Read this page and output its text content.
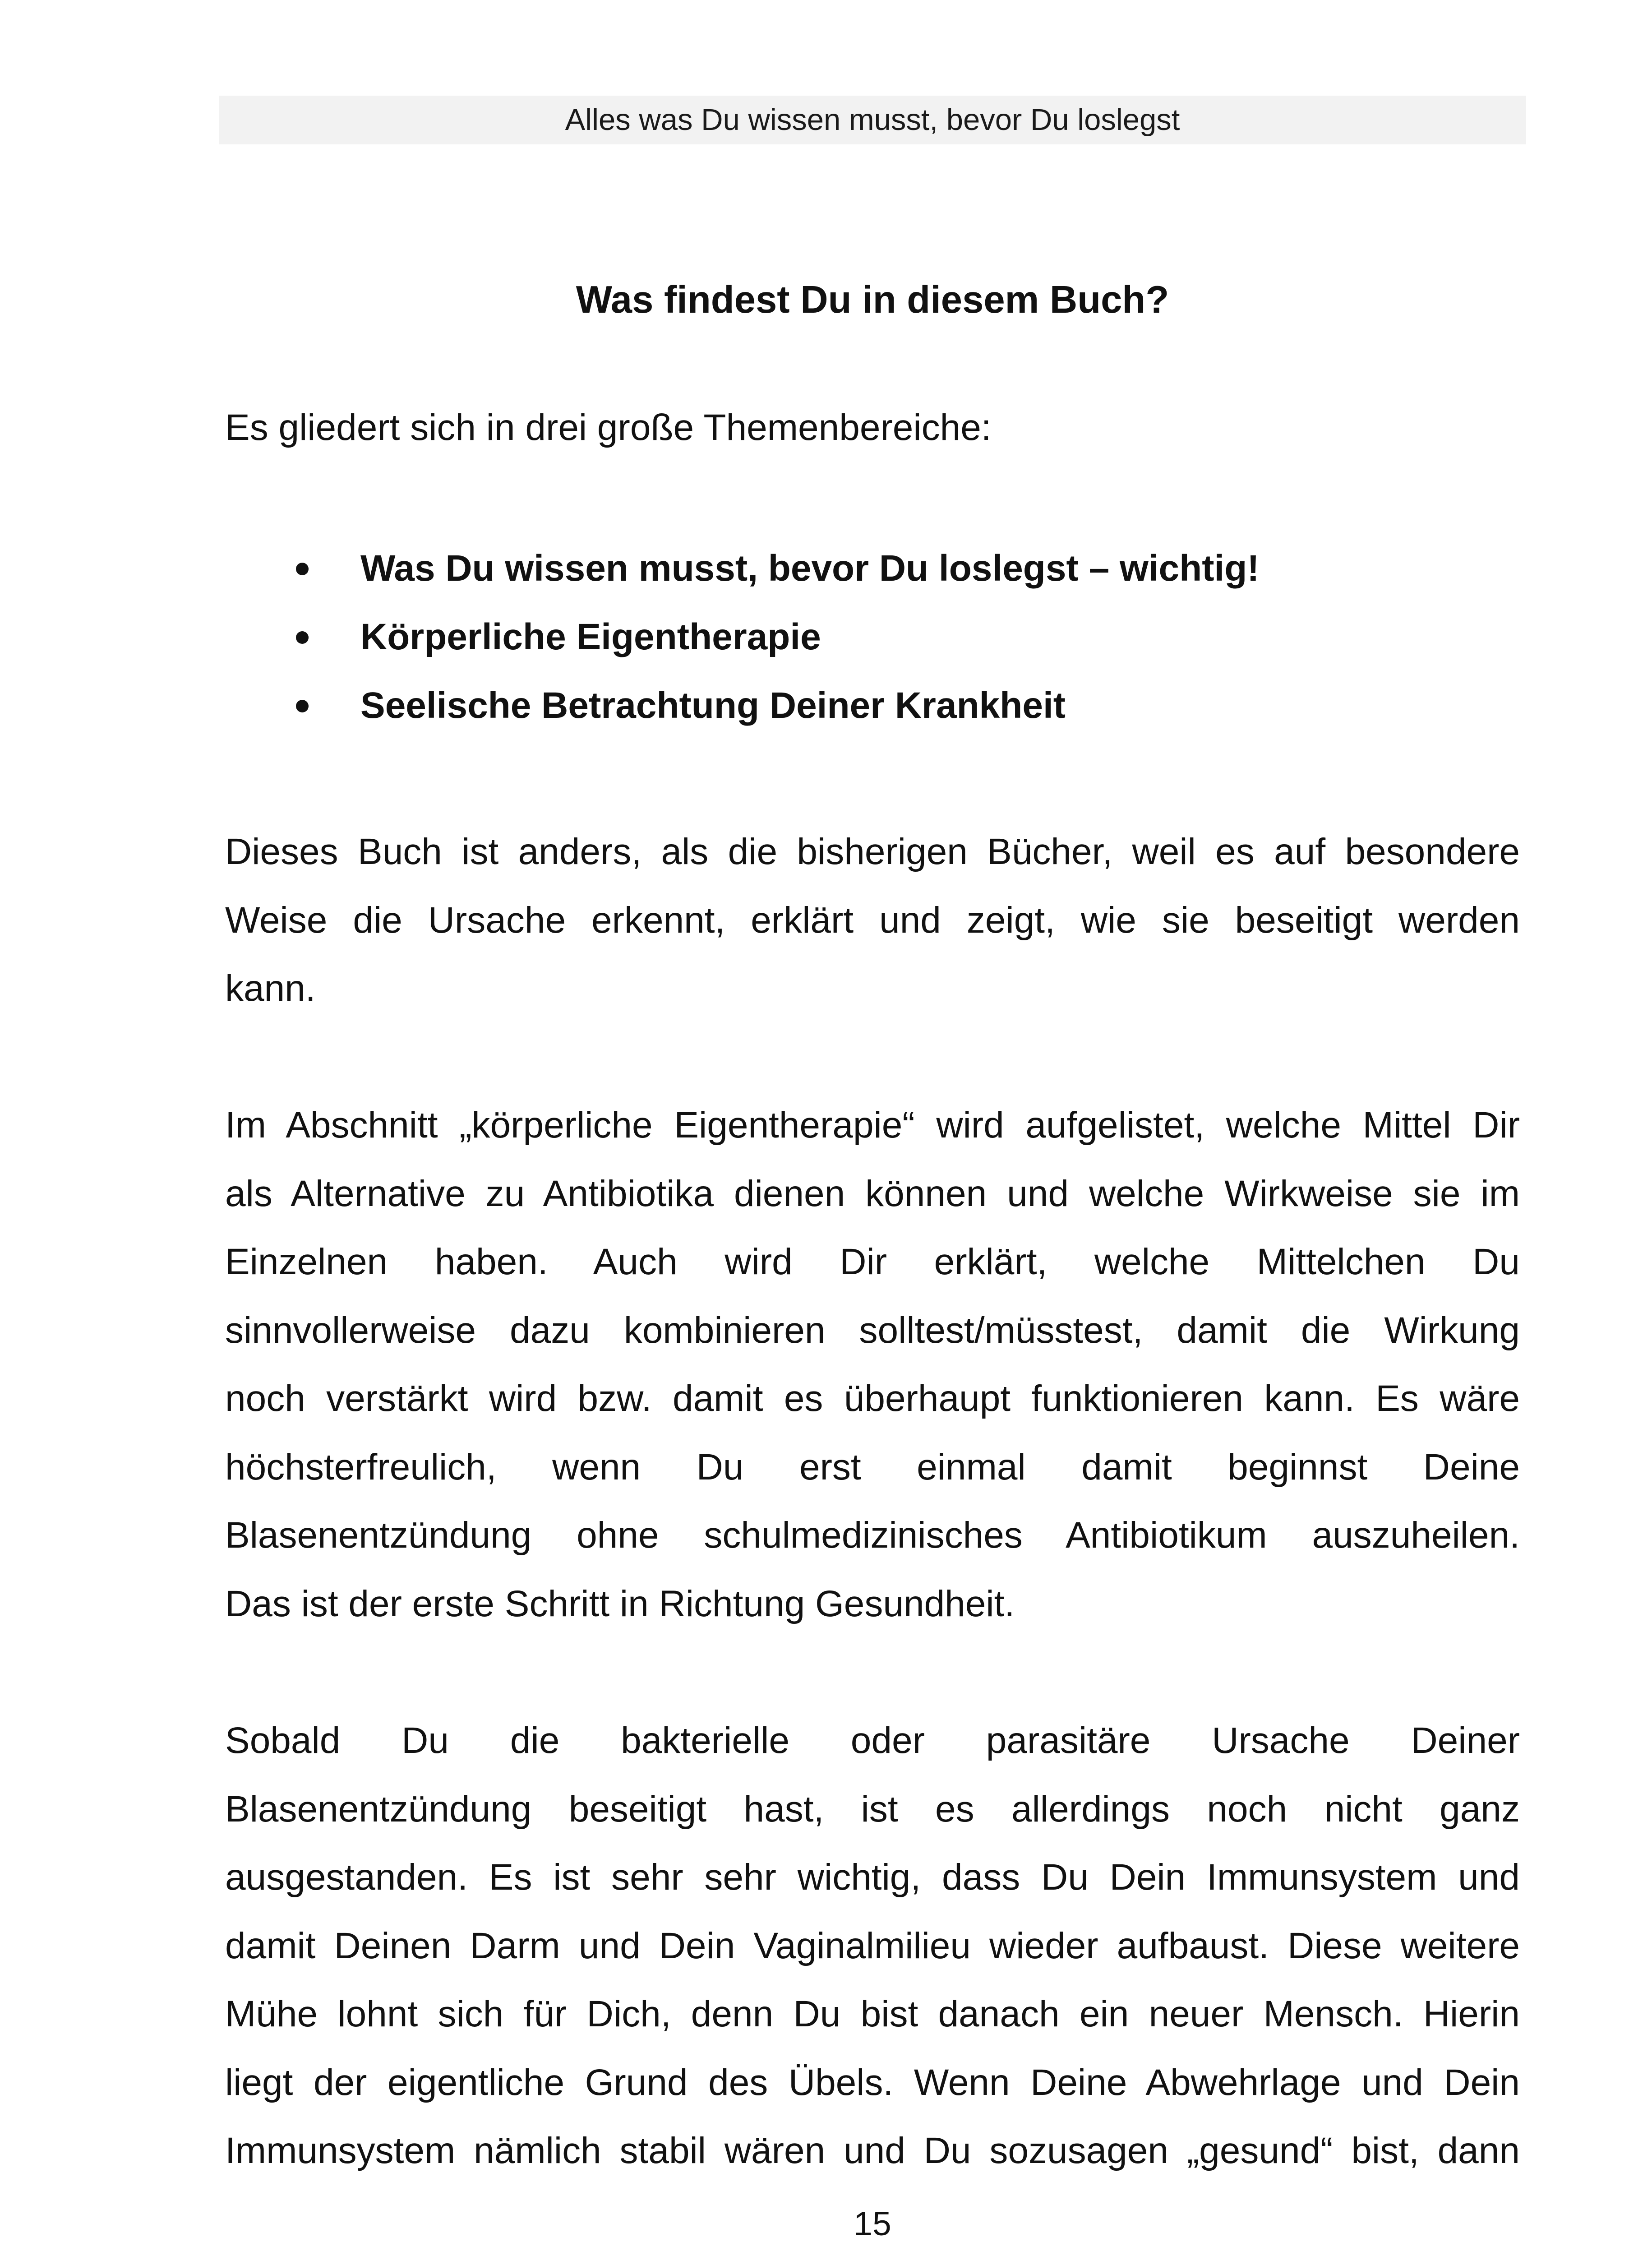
Alles was Du wissen musst, bevor Du loslegst
Was findest Du in diesem Buch?

Es gliedert sich in drei große Themenbereiche:

Was Du wissen musst, bevor Du loslegst – wichtig!
Körperliche Eigentherapie
Seelische Betrachtung Deiner Krankheit

Dieses Buch ist anders, als die bisherigen Bücher, weil es auf besondere
Weise die Ursache erkennt, erklärt und zeigt, wie sie beseitigt werden
kann.

Im Abschnitt „körperliche Eigentherapie“ wird aufgelistet, welche Mittel Dir
als Alternative zu Antibiotika dienen können und welche Wirkweise sie im
Einzelnen haben. Auch wird Dir erklärt, welche Mittelchen Du
sinnvollerweise dazu kombinieren solltest/müsstest, damit die Wirkung
noch verstärkt wird bzw. damit es überhaupt funktionieren kann. Es wäre
höchsterfreulich, wenn Du erst einmal damit beginnst Deine
Blasenentzündung ohne schulmedizinisches Antibiotikum auszuheilen.
Das ist der erste Schritt in Richtung Gesundheit.

Sobald Du die bakterielle oder parasitäre Ursache Deiner
Blasenentzündung beseitigt hast, ist es allerdings noch nicht ganz
ausgestanden. Es ist sehr sehr wichtig, dass Du Dein Immunsystem und
damit Deinen Darm und Dein Vaginalmilieu wieder aufbaust. Diese weitere
Mühe lohnt sich für Dich, denn Du bist danach ein neuer Mensch. Hierin
liegt der eigentliche Grund des Übels. Wenn Deine Abwehrlage und Dein
Immunsystem nämlich stabil wären und Du sozusagen „gesund“ bist, dann

15
